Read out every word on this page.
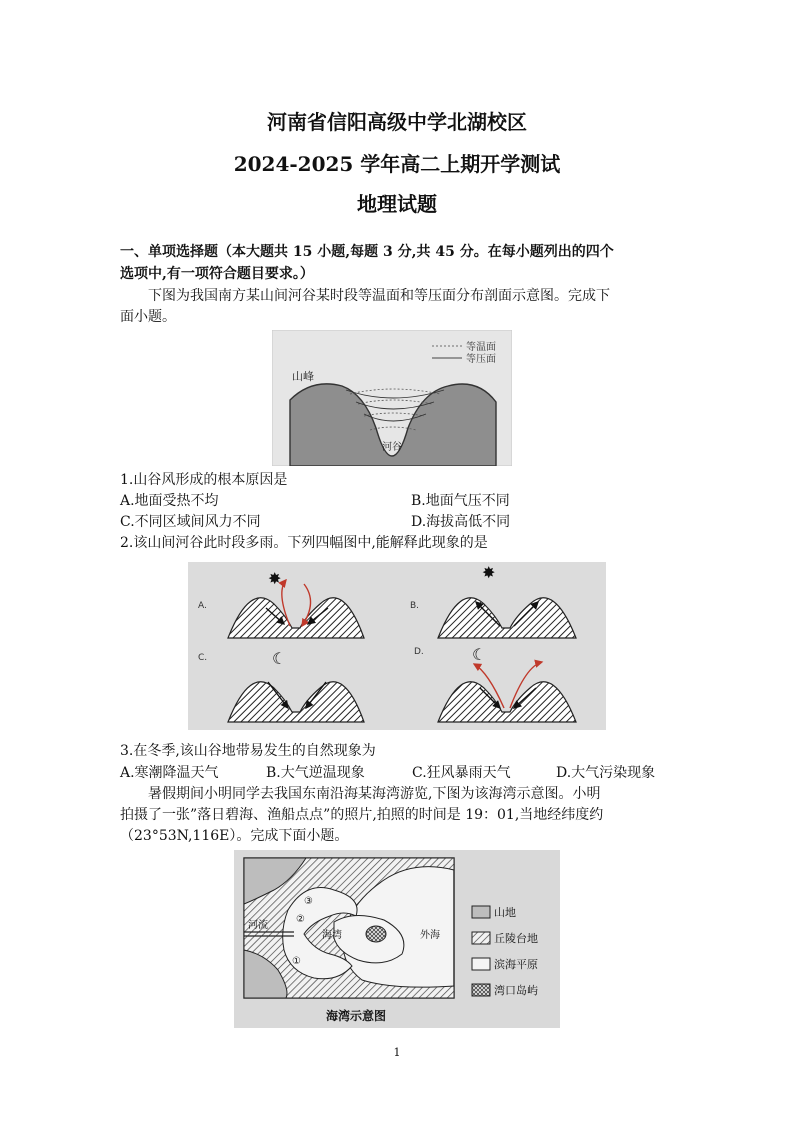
河南省信阳高级中学北湖校区
2024-2025 学年高二上期开学测试
地理试题
一、单项选择题（本大题共 15 小题,每题 3 分,共 45 分。在每小题列出的四个
选项中,有一项符合题目要求。）
下图为我国南方某山间河谷某时段等温面和等压面分布剖面示意图。完成下
面小题。
等温面
等压面
山峰
河谷
1.山谷风形成的根本原因是
A.地面受热不均	B.地面气压不同
C.不同区域间风力不同	D.海拔高低不同
2.该山间河谷此时段多雨。下列四幅图中,能解释此现象的是
A.
✸
B.
✸
C.	☾	D.	☾
3.在冬季,该山谷地带易发生的自然现象为
A.寒潮降温天气	B.大气逆温现象	C.狂风暴雨天气	D.大气污染现象
暑假期间小明同学去我国东南沿海某海湾游览,下图为该海湾示意图。小明
拍摄了一张”落日碧海、渔船点点”的照片,拍照的时间是 19：01,当地经纬度约
（23°53N,116E）。完成下面小题。
河流
海湾	外海
③
②
①
山地
丘陵台地
滨海平原
湾口岛屿
海湾示意图
1
